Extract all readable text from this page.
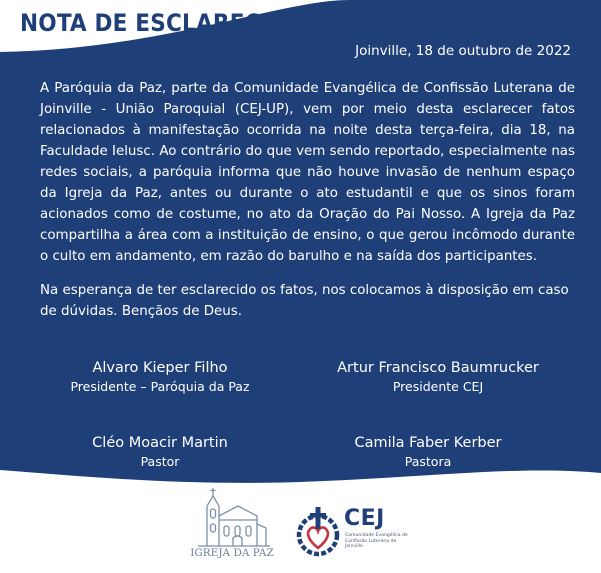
NOTA DE ESCLARECIMENTO
Joinville, 18 de outubro de 2022

A Paróquia da Paz, parte da Comunidade Evangélica de Confissão Luterana de Joinville - União Paroquial (CEJ-UP), vem por meio desta esclarecer fatos relacionados à manifestação ocorrida na noite desta terça-feira, dia 18, na Faculdade Ielusc. Ao contrário do que vem sendo reportado, especialmente nas redes sociais, a paróquia informa que não houve invasão de nenhum espaço da Igreja da Paz, antes ou durante o ato estudantil e que os sinos foram acionados como de costume, no ato da Oração do Pai Nosso. A Igreja da Paz compartilha a área com a instituição de ensino, o que gerou incômodo durante o culto em andamento, em razão do barulho e na saída dos participantes.

Na esperança de ter esclarecido os fatos, nos colocamos à disposição em caso de dúvidas. Bençãos de Deus.

Alvaro Kieper Filho
Presidente – Paróquia da Paz
Artur Francisco Baumrucker
Presidente CEJ
Cléo Moacir Martin
Pastor
Camila Faber Kerber
Pastora
IGREJA DA PAZ
CEJ
Comunidade Evangélica de Confissão Luterana de Joinville
